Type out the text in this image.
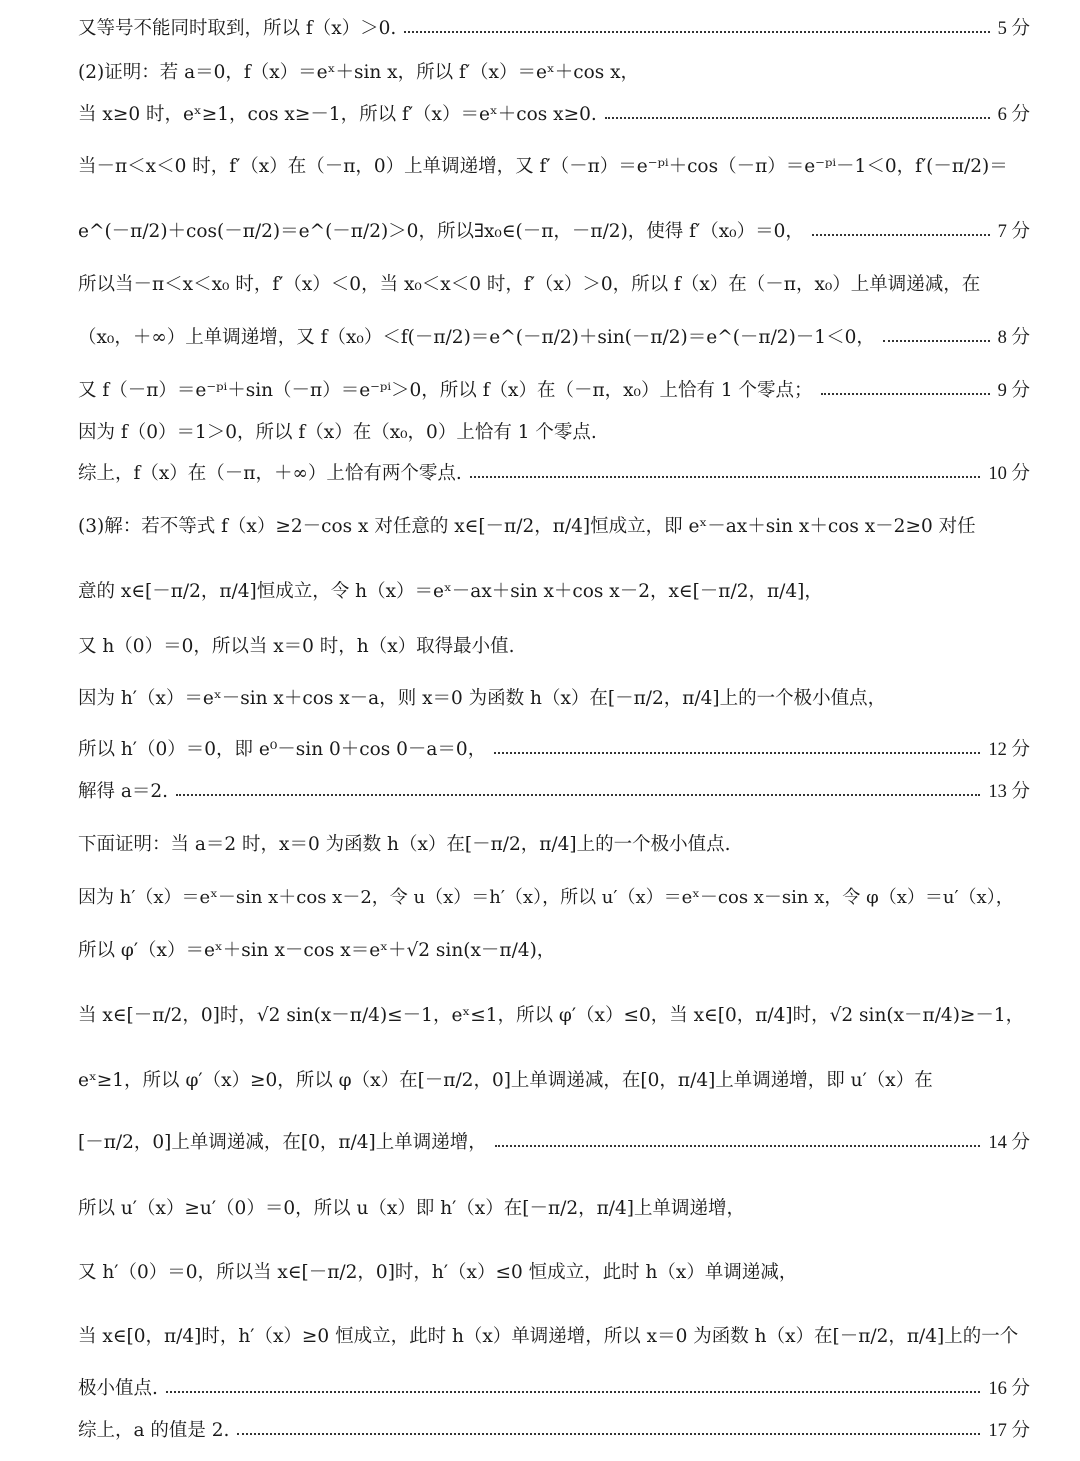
又等号不能同时取到，所以 f（x）＞0.	5 分
(2)证明：若 a＝0，f（x）＝eˣ＋sin x，所以 f′（x）＝eˣ＋cos x，
当 x≥0 时，eˣ≥1，cos x≥－1，所以 f′（x）＝eˣ＋cos x≥0.	6 分
当－π＜x＜0 时，f′（x）在（－π，0）上单调递增，又 f′（－π）＝e⁻ᵖⁱ＋cos（－π）＝e⁻ᵖⁱ－1＜0，f′(－π/2)＝
e^(－π/2)＋cos(－π/2)＝e^(－π/2)＞0，所以∃x₀∈(－π，－π/2)，使得 f′（x₀）＝0，	7 分
所以当－π＜x＜x₀ 时，f′（x）＜0，当 x₀＜x＜0 时，f′（x）＞0，所以 f（x）在（－π，x₀）上单调递减，在
（x₀，＋∞）上单调递增，又 f（x₀）＜f(－π/2)＝e^(－π/2)＋sin(－π/2)＝e^(－π/2)－1＜0，	8 分
又 f（－π）＝e⁻ᵖⁱ＋sin（－π）＝e⁻ᵖⁱ＞0，所以 f（x）在（－π，x₀）上恰有 1 个零点；	9 分
因为 f（0）＝1＞0，所以 f（x）在（x₀，0）上恰有 1 个零点.
综上，f（x）在（－π，＋∞）上恰有两个零点.	10 分
(3)解：若不等式 f（x）≥2－cos x 对任意的 x∈[－π/2，π/4]恒成立，即 eˣ－ax＋sin x＋cos x－2≥0 对任
意的 x∈[－π/2，π/4]恒成立，令 h（x）＝eˣ－ax＋sin x＋cos x－2，x∈[－π/2，π/4]，
又 h（0）＝0，所以当 x＝0 时，h（x）取得最小值.
因为 h′（x）＝eˣ－sin x＋cos x－a，则 x＝0 为函数 h（x）在[－π/2，π/4]上的一个极小值点，
所以 h′（0）＝0，即 e⁰－sin 0＋cos 0－a＝0，	12 分
解得 a＝2.	13 分
下面证明：当 a＝2 时，x＝0 为函数 h（x）在[－π/2，π/4]上的一个极小值点.
因为 h′（x）＝eˣ－sin x＋cos x－2，令 u（x）＝h′（x），所以 u′（x）＝eˣ－cos x－sin x，令 φ（x）＝u′（x），
所以 φ′（x）＝eˣ＋sin x－cos x＝eˣ＋√2 sin(x－π/4)，
当 x∈[－π/2，0]时，√2 sin(x－π/4)≤－1，eˣ≤1，所以 φ′（x）≤0，当 x∈[0，π/4]时，√2 sin(x－π/4)≥－1，
eˣ≥1，所以 φ′（x）≥0，所以 φ（x）在[－π/2，0]上单调递减，在[0，π/4]上单调递增，即 u′（x）在
[－π/2，0]上单调递减，在[0，π/4]上单调递增，	14 分
所以 u′（x）≥u′（0）＝0，所以 u（x）即 h′（x）在[－π/2，π/4]上单调递增，
又 h′（0）＝0，所以当 x∈[－π/2，0]时，h′（x）≤0 恒成立，此时 h（x）单调递减，
当 x∈[0，π/4]时，h′（x）≥0 恒成立，此时 h（x）单调递增，所以 x＝0 为函数 h（x）在[－π/2，π/4]上的一个
极小值点.	16 分
综上，a 的值是 2.	17 分
